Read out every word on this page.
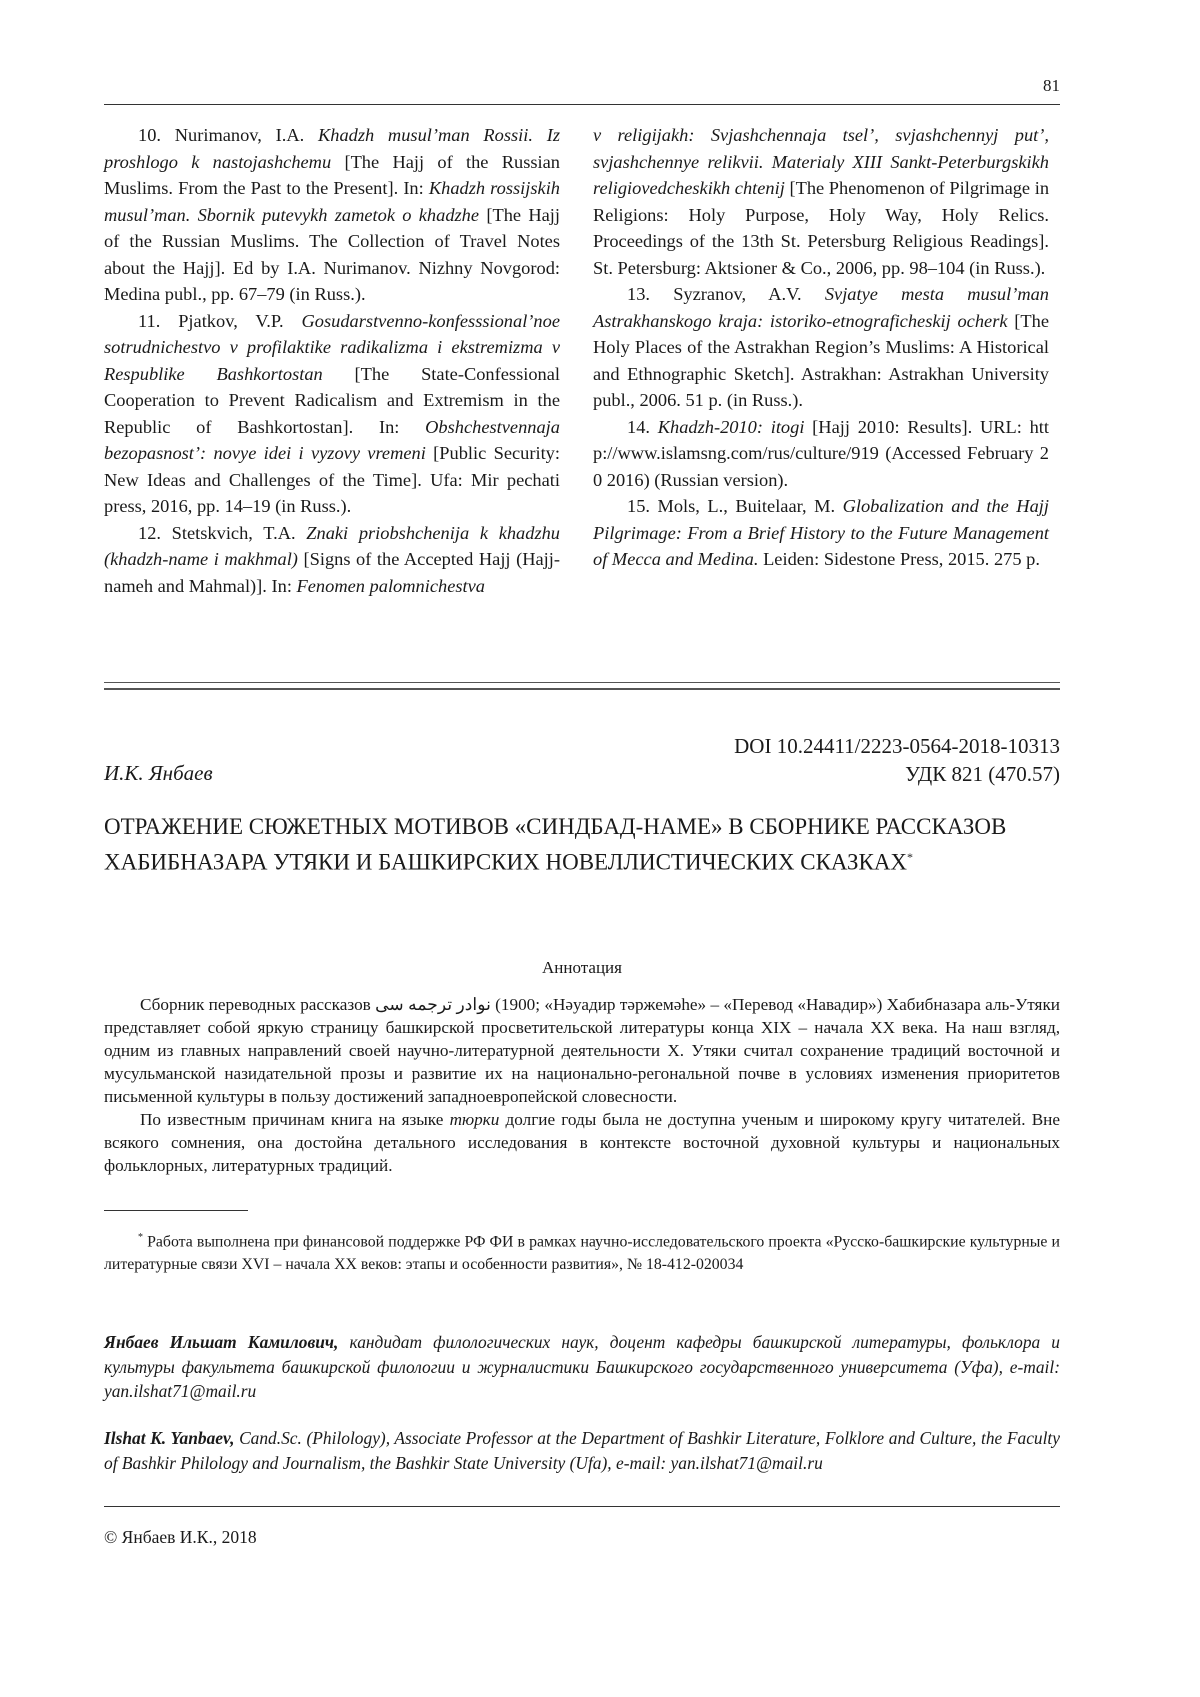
81

10. Nurimanov, I.A. Khadzh musul’man Rossii. Iz proshlogo k nastojashchemu [The Hajj of the Russian Muslims. From the Past to the Present]. In: Khadzh rossijskih musul’man. Sbornik putevykh zametok o khadzhe [The Hajj of the Russian Muslims. The Collection of Travel Notes about the Hajj]. Ed by I.A. Nurimanov. Nizhny Novgorod: Medina publ., pp. 67–79 (in Russ.).

11. Pjatkov, V.P. Gosudarstvenno-konfesssional’noe sotrudnichestvo v profilaktike radikalizma i ekstremizma v Respublike Bashkortostan [The State-Confessional Cooperation to Prevent Radicalism and Extremism in the Republic of Bashkortostan]. In: Obshchestvennaja bezopasnost’: novye idei i vyzovy vremeni [Public Security: New Ideas and Challenges of the Time]. Ufa: Mir pechati press, 2016, pp. 14–19 (in Russ.).

12. Stetskvich, T.A. Znaki priobshchenija k khadzhu (khadzh-name i makhmal) [Signs of the Accepted Hajj (Hajj-nameh and Mahmal)]. In: Fenomen palomnichestva

v religijakh: Svjashchennaja tsel’, svjashchennyj put’, svjashchennye relikvii. Materialy XIII Sankt-Peterburgskikh religiovedcheskikh chtenij [The Phenomenon of Pilgrimage in Religions: Holy Purpose, Holy Way, Holy Relics. Proceedings of the 13th St. Petersburg Religious Readings]. St. Petersburg: Aktsioner & Co., 2006, pp. 98–104 (in Russ.).

13. Syzranov, A.V. Svjatye mesta musul’man Astrakhanskogo kraja: istoriko-etnograficheskij ocherk [The Holy Places of the Astrakhan Region’s Muslims: A Historical and Ethnographic Sketch]. Astrakhan: Astrakhan University publ., 2006. 51 p. (in Russ.).

14. Khadzh-2010: itogi [Hajj 2010: Results]. URL: http://www.islamsng.com/rus/culture/919 (Accessed February 20 2016) (Russian version).

15. Mols, L., Buitelaar, M. Globalization and the Hajj Pilgrimage: From a Brief History to the Future Management of Mecca and Medina. Leiden: Sidestone Press, 2015. 275 p.

DOI 10.24411/2223-0564-2018-10313
УДК 821 (470.57)
И.К. Янбаев
ОТРАЖЕНИЕ СЮЖЕТНЫХ МОТИВОВ «СИНДБАД-НАМЕ» В СБОРНИКЕ РАССКАЗОВ ХАБИБНАЗАРА УТЯКИ И БАШКИРСКИХ НОВЕЛЛИСТИЧЕСКИХ СКАЗКАХ*
Аннотация

Сборник переводных рассказов نوادر ترجمه سی (1900; «Нәуадир тәржемәhе» – «Перевод «Навадир») Хабибназара аль-Утяки представляет собой яркую страницу башкирской просветительской литературы конца XIX – начала XX века. На наш взгляд, одним из главных направлений своей научно-литературной деятельности Х. Утяки считал сохранение традиций восточной и мусульманской назидательной прозы и развитие их на национально-регональной почве в условиях изменения приоритетов письменной культуры в пользу достижений западноевропейской словесности.

По известным причинам книга на языке тюрки долгие годы была не доступна ученым и широкому кругу читателей. Вне всякого сомнения, она достойна детального исследования в контексте восточной духовной культуры и национальных фольклорных, литературных традиций.

* Работа выполнена при финансовой поддержке РФ ФИ в рамках научно-исследовательского проекта «Русско-башкирские культурные и литературные связи XVI – начала XX веков: этапы и особенности развития», № 18-412-020034
Янбаев Ильшат Камилович, кандидат филологических наук, доцент кафедры башкирской литературы, фольклора и культуры факультета башкирской филологии и журналистики Башкирского государственного университета (Уфа), e-mail: yan.ilshat71@mail.ru
Ilshat K. Yanbaev, Cand.Sc. (Philology), Associate Professor at the Department of Bashkir Literature, Folklore and Culture, the Faculty of Bashkir Philology and Journalism, the Bashkir State University (Ufa), e-mail: yan.ilshat71@mail.ru
© Янбаев И.К., 2018
